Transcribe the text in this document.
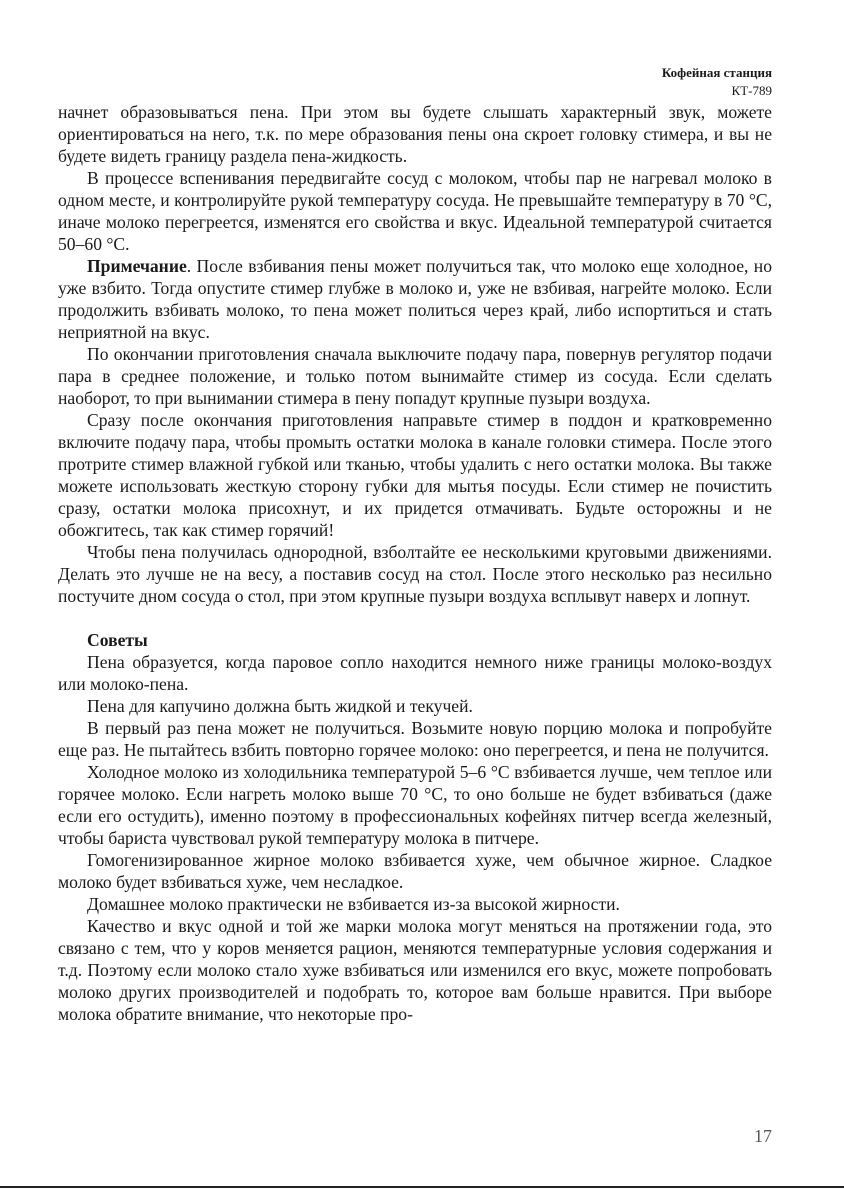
Кофейная станция
КТ-789

начнет образовываться пена. При этом вы будете слышать характерный звук, можете ориентироваться на него, т.к. по мере образования пены она скроет головку стимера, и вы не будете видеть границу раздела пена-жидкость.

В процессе вспенивания передвигайте сосуд с молоком, чтобы пар не нагревал молоко в одном месте, и контролируйте рукой температуру сосуда. Не превышайте температуру в 70 °С, иначе молоко перегреется, изменятся его свойства и вкус. Идеальной температурой считается 50–60 °С.

Примечание. После взбивания пены может получиться так, что молоко еще холодное, но уже взбито. Тогда опустите стимер глубже в молоко и, уже не взбивая, нагрейте молоко. Если продолжить взбивать молоко, то пена может политься через край, либо испортиться и стать неприятной на вкус.

По окончании приготовления сначала выключите подачу пара, повернув регулятор подачи пара в среднее положение, и только потом вынимайте стимер из сосуда. Если сделать наоборот, то при вынимании стимера в пену попадут крупные пузыри воздуха.

Сразу после окончания приготовления направьте стимер в поддон и кратковременно включите подачу пара, чтобы промыть остатки молока в канале головки стимера. После этого протрите стимер влажной губкой или тканью, чтобы удалить с него остатки молока. Вы также можете использовать жесткую сторону губки для мытья посуды. Если стимер не почистить сразу, остатки молока присохнут, и их придется отмачивать. Будьте осторожны и не обожгитесь, так как стимер горячий!

Чтобы пена получилась однородной, взболтайте ее несколькими круговыми движениями. Делать это лучше не на весу, а поставив сосуд на стол. После этого несколько раз несильно постучите дном сосуда о стол, при этом крупные пузыри воздуха всплывут наверх и лопнут.

Советы

Пена образуется, когда паровое сопло находится немного ниже границы молоко-воздух или молоко-пена.

Пена для капучино должна быть жидкой и текучей.

В первый раз пена может не получиться. Возьмите новую порцию молока и попробуйте еще раз. Не пытайтесь взбить повторно горячее молоко: оно перегреется, и пена не получится.

Холодное молоко из холодильника температурой 5–6 °С взбивается лучше, чем теплое или горячее молоко. Если нагреть молоко выше 70 °С, то оно больше не будет взбиваться (даже если его остудить), именно поэтому в профессиональных кофейнях питчер всегда железный, чтобы бариста чувствовал рукой температуру молока в питчере.

Гомогенизированное жирное молоко взбивается хуже, чем обычное жирное. Сладкое молоко будет взбиваться хуже, чем несладкое.

Домашнее молоко практически не взбивается из-за высокой жирности.

Качество и вкус одной и той же марки молока могут меняться на протяжении года, это связано с тем, что у коров меняется рацион, меняются температурные условия содержания и т.д. Поэтому если молоко стало хуже взбиваться или изменился его вкус, можете попробовать молоко других производителей и подобрать то, которое вам больше нравится. При выборе молока обратите внимание, что некоторые про-

17
